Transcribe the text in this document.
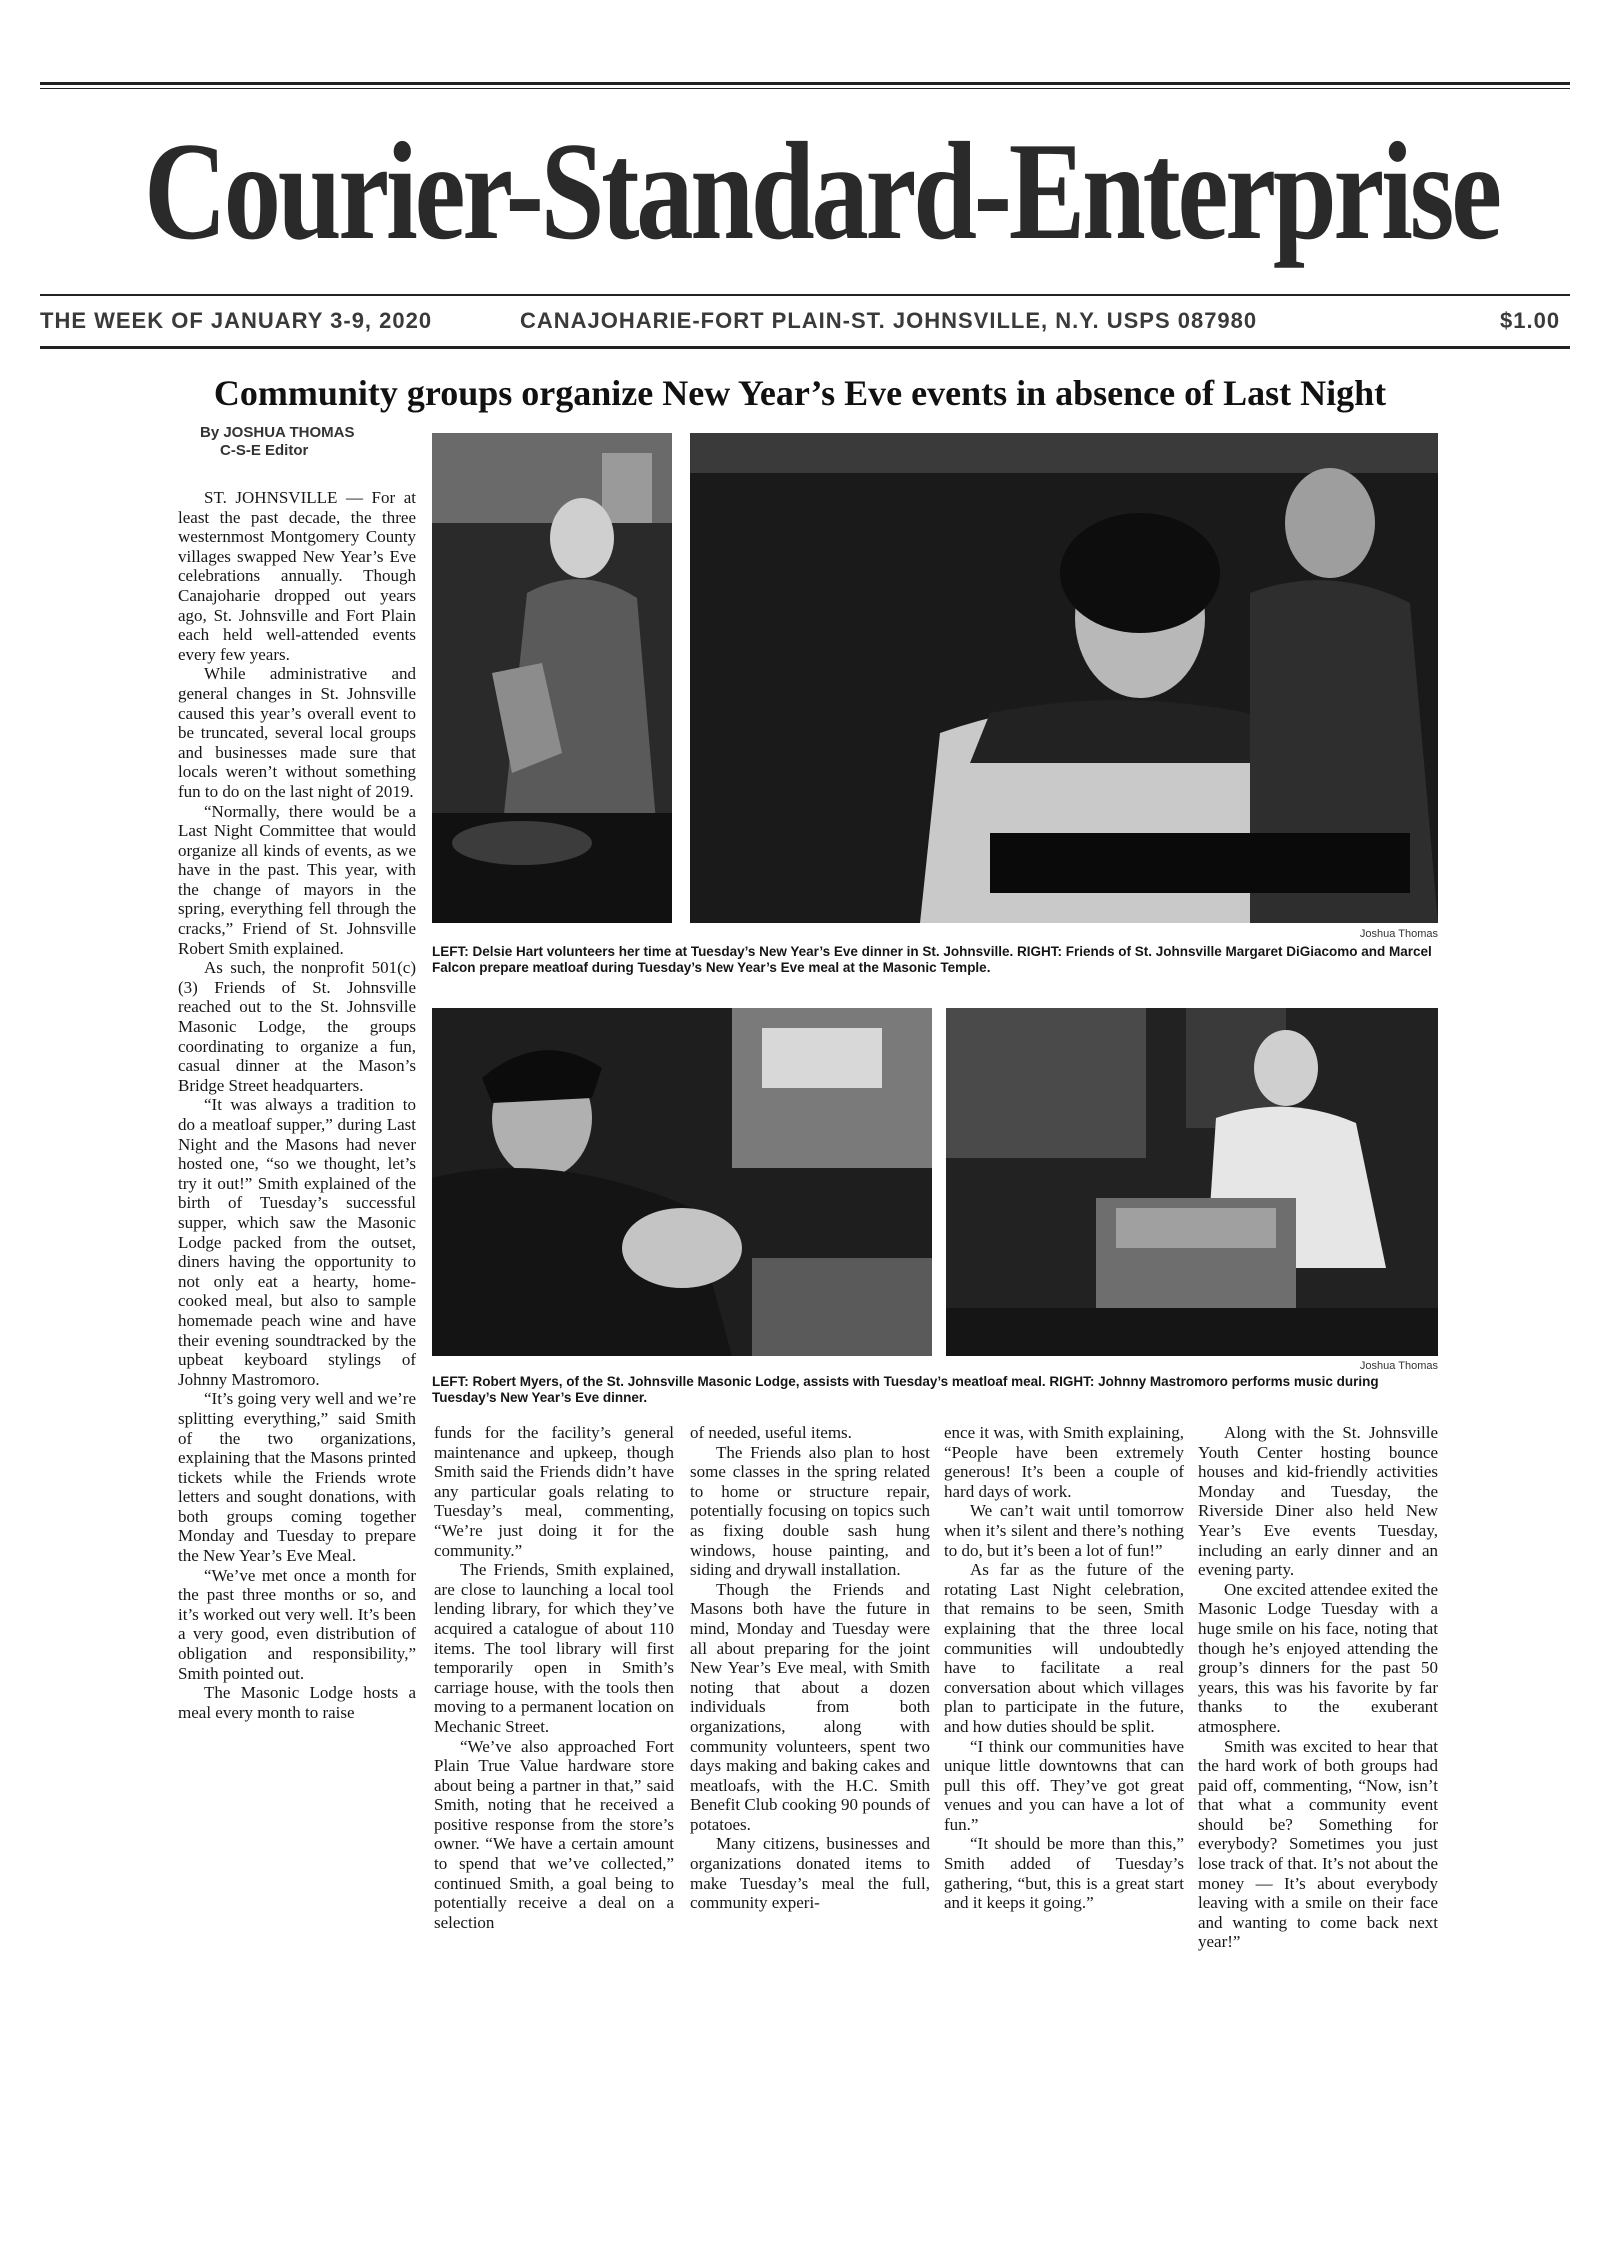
Courier-Standard-Enterprise
THE WEEK OF JANUARY 3-9, 2020	CANAJOHARIE-FORT PLAIN-ST. JOHNSVILLE, N.Y. USPS 087980	$1.00
Community groups organize New Year’s Eve events in absence of Last Night
By JOSHUA THOMAS
C-S-E Editor

ST. JOHNSVILLE — For at least the past decade, the three westernmost Montgomery County villages swapped New Year’s Eve celebrations annually. Though Canajoharie dropped out years ago, St. Johnsville and Fort Plain each held well-attended events every few years.

While administrative and general changes in St. Johnsville caused this year’s overall event to be truncated, several local groups and businesses made sure that locals weren’t without something fun to do on the last night of 2019.

“Normally, there would be a Last Night Committee that would organize all kinds of events, as we have in the past. This year, with the change of mayors in the spring, everything fell through the cracks,” Friend of St. Johnsville Robert Smith explained.

As such, the nonprofit 501(c)(3) Friends of St. Johnsville reached out to the St. Johnsville Masonic Lodge, the groups coordinating to organize a fun, casual dinner at the Mason’s Bridge Street headquarters.

“It was always a tradition to do a meatloaf supper,” during Last Night and the Masons had never hosted one, “so we thought, let’s try it out!” Smith explained of the birth of Tuesday’s successful supper, which saw the Masonic Lodge packed from the outset, diners having the opportunity to not only eat a hearty, home-cooked meal, but also to sample homemade peach wine and have their evening soundtracked by the upbeat keyboard stylings of Johnny Mastromoro.

“It’s going very well and we’re splitting everything,” said Smith of the two organizations, explaining that the Masons printed tickets while the Friends wrote letters and sought donations, with both groups coming together Monday and Tuesday to prepare the New Year’s Eve Meal.

“We’ve met once a month for the past three months or so, and it’s worked out very well. It’s been a very good, even distribution of obligation and responsibility,” Smith pointed out.

The Masonic Lodge hosts a meal every month to raise

Joshua Thomas
LEFT: Delsie Hart volunteers her time at Tuesday’s New Year’s Eve dinner in St. Johnsville. RIGHT: Friends of St. Johnsville Margaret DiGiacomo and Marcel Falcon prepare meatloaf during Tuesday’s New Year’s Eve meal at the Masonic Temple.
Joshua Thomas
LEFT: Robert Myers, of the St. Johnsville Masonic Lodge, assists with Tuesday’s meatloaf meal. RIGHT: Johnny Mastromoro performs music during Tuesday’s New Year’s Eve dinner.

funds for the facility’s general maintenance and upkeep, though Smith said the Friends didn’t have any particular goals relating to Tuesday’s meal, commenting, “We’re just doing it for the community.”

The Friends, Smith explained, are close to launching a local tool lending library, for which they’ve acquired a catalogue of about 110 items. The tool library will first temporarily open in Smith’s carriage house, with the tools then moving to a permanent location on Mechanic Street.

“We’ve also approached Fort Plain True Value hardware store about being a partner in that,” said Smith, noting that he received a positive response from the store’s owner. “We have a certain amount to spend that we’ve collected,” continued Smith, a goal being to potentially receive a deal on a selection

of needed, useful items.

The Friends also plan to host some classes in the spring related to home or structure repair, potentially focusing on topics such as fixing double sash hung windows, house painting, and siding and drywall installation.

Though the Friends and Masons both have the future in mind, Monday and Tuesday were all about preparing for the joint New Year’s Eve meal, with Smith noting that about a dozen individuals from both organizations, along with community volunteers, spent two days making and baking cakes and meatloafs, with the H.C. Smith Benefit Club cooking 90 pounds of potatoes.

Many citizens, businesses and organizations donated items to make Tuesday’s meal the full, community experi-

ence it was, with Smith explaining, “People have been extremely generous! It’s been a couple of hard days of work.

We can’t wait until tomorrow when it’s silent and there’s nothing to do, but it’s been a lot of fun!”

As far as the future of the rotating Last Night celebration, that remains to be seen, Smith explaining that the three local communities will undoubtedly have to facilitate a real conversation about which villages plan to participate in the future, and how duties should be split.

“I think our communities have unique little downtowns that can pull this off. They’ve got great venues and you can have a lot of fun.”

“It should be more than this,” Smith added of Tuesday’s gathering, “but, this is a great start and it keeps it going.”

Along with the St. Johnsville Youth Center hosting bounce houses and kid-friendly activities Monday and Tuesday, the Riverside Diner also held New Year’s Eve events Tuesday, including an early dinner and an evening party.

One excited attendee exited the Masonic Lodge Tuesday with a huge smile on his face, noting that though he’s enjoyed attending the group’s dinners for the past 50 years, this was his favorite by far thanks to the exuberant atmosphere.

Smith was excited to hear that the hard work of both groups had paid off, commenting, “Now, isn’t that what a community event should be? Something for everybody? Sometimes you just lose track of that. It’s not about the money — It’s about everybody leaving with a smile on their face and wanting to come back next year!”
